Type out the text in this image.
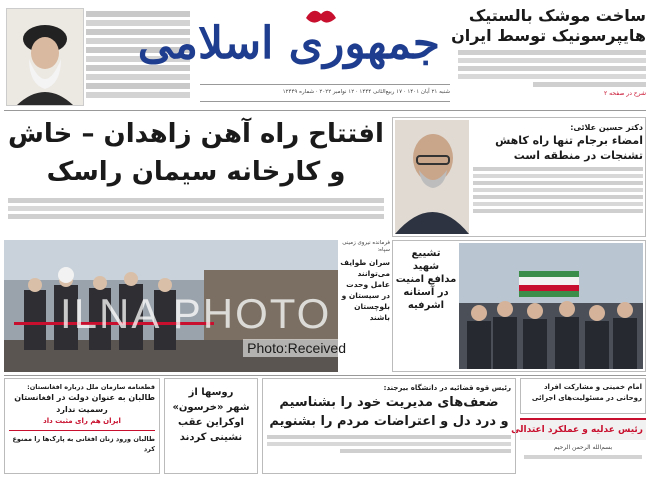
جمهوری اسلامی
شنبه ۲۱ آبان ۱۴۰۱ · ۱۷ ربیع‌الثانی ۱۴۴۴ · ۱۲ نوامبر ۲۰۲۲ · شماره ۱۲۴۴۹
ساخت موشک بالستیک
هایپرسونیک توسط ایران
شرح در صفحه ۲
افتتاح راه آهن زاهدان – خاش
و کارخانه سیمان راسک
دکتر حسین علائی:
امضاء برجام تنها راه کاهش
تشنجات در منطقه است
فرمانده نیروی زمینی سپاه:
سران طوایف می‌توانند عامل وحدت در سیستان و بلوچستان باشند
تشییع
شهید
مدافع امنیت
در آستانه
اشرفیه
ILNA PHOTO
Photo:Received
امام خمینی و مشارکت افراد
روحانی در مسئولیت‌های اجرائی
رئیس عدلیه و عملکرد اعتدالی
بسم‌الله الرحمن الرحیم
رئیس قوه قضائیه در دانشگاه بیرجند:
ضعف‌های مدیریت خود را بشناسیم
و درد دل و اعتراضات مردم را بشنویم
روسها از
شهر «خرسون»
اوکراین عقب
نشینی کردند
قطعنامه سازمان ملل درباره افغانستان:
طالبان به عنوان دولت در افغانستان
رسمیت ندارد
ایران هم رای مثبت داد
طالبان ورود زنان افغانی به پارک‌ها را ممنوع کرد
